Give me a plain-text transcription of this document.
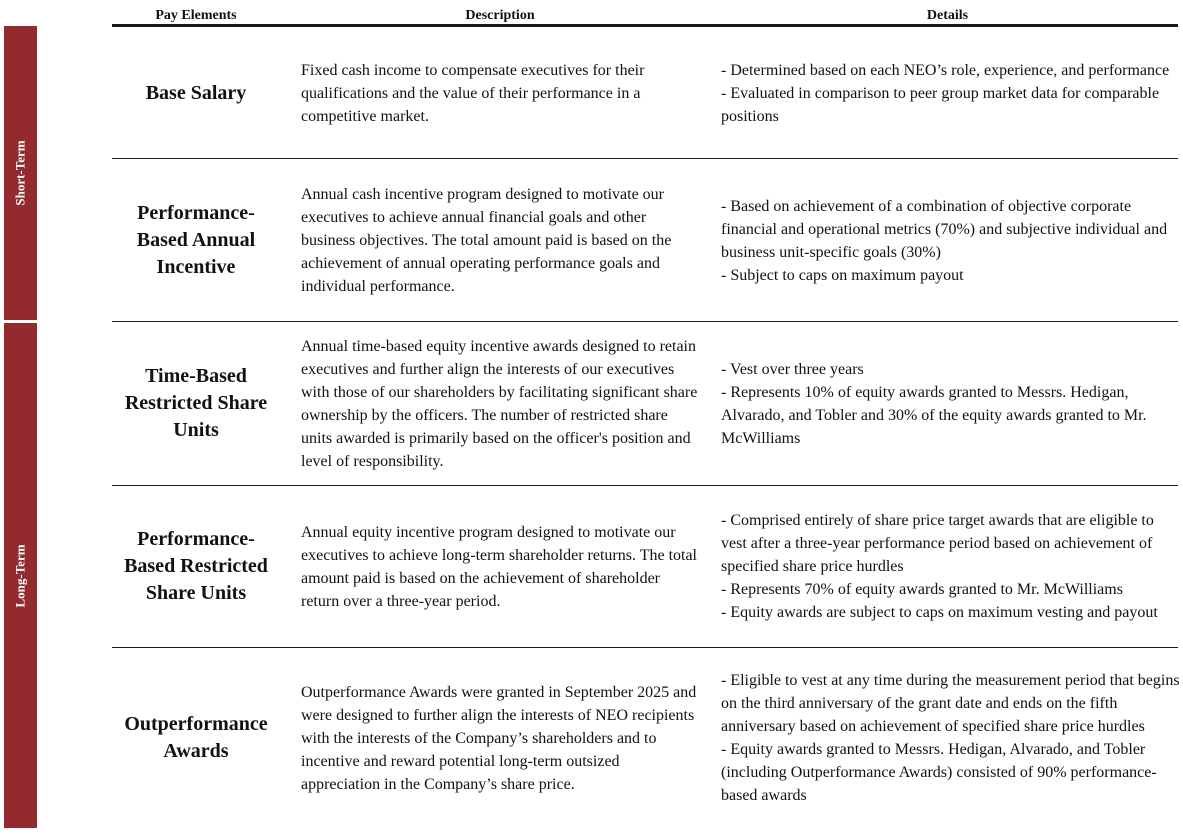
Short-Term
Long-Term
Pay Elements	Description	Details
Base Salary
Fixed cash income to compensate executives for their qualifications and the value of their performance in a competitive market.
- Determined based on each NEO’s role, experience, and performance
- Evaluated in comparison to peer group market data for comparable positions
Performance-Based Annual Incentive
Annual cash incentive program designed to motivate our executives to achieve annual financial goals and other business objectives. The total amount paid is based on the achievement of annual operating performance goals and individual performance.
- Based on achievement of a combination of objective corporate financial and operational metrics (70%) and subjective individual and business unit-specific goals (30%)
- Subject to caps on maximum payout
Time-Based Restricted Share Units
Annual time-based equity incentive awards designed to retain executives and further align the interests of our executives with those of our shareholders by facilitating significant share ownership by the officers. The number of restricted share units awarded is primarily based on the officer's position and level of responsibility.
- Vest over three years
- Represents 10% of equity awards granted to Messrs. Hedigan, Alvarado, and Tobler and 30% of the equity awards granted to Mr. McWilliams
Performance-Based Restricted Share Units
Annual equity incentive program designed to motivate our executives to achieve long-term shareholder returns. The total amount paid is based on the achievement of shareholder return over a three-year period.
- Comprised entirely of share price target awards that are eligible to vest after a three-year performance period based on achievement of specified share price hurdles
- Represents 70% of equity awards granted to Mr. McWilliams
- Equity awards are subject to caps on maximum vesting and payout
Outperformance Awards
Outperformance Awards were granted in September 2025 and were designed to further align the interests of NEO recipients with the interests of the Company’s shareholders and to incentive and reward potential long-term outsized appreciation in the Company’s share price.
- Eligible to vest at any time during the measurement period that begins on the third anniversary of the grant date and ends on the fifth anniversary based on achievement of specified share price hurdles
- Equity awards granted to Messrs. Hedigan, Alvarado, and Tobler (including Outperformance Awards) consisted of 90% performance-based awards
